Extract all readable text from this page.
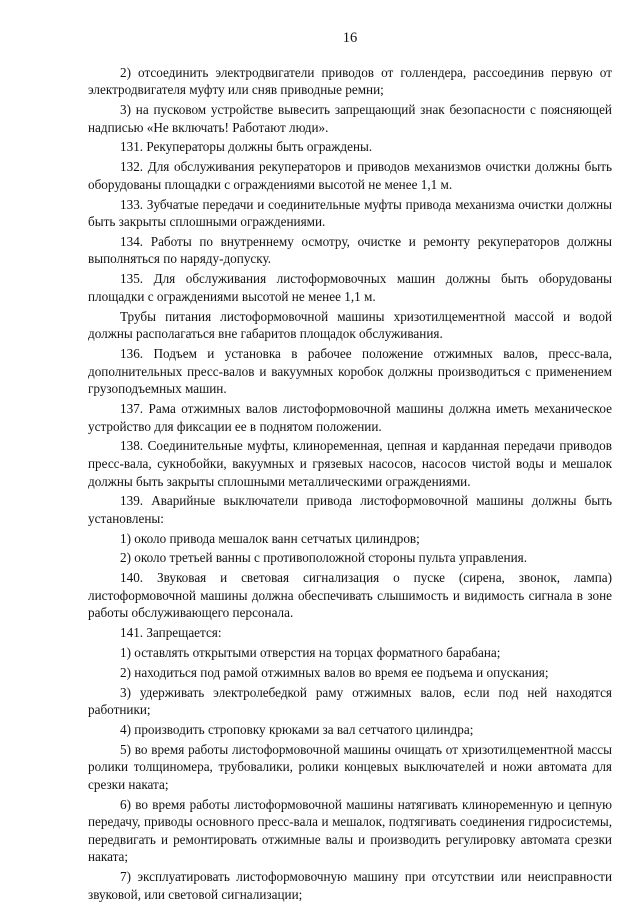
16

2) отсоединить электродвигатели приводов от голлендера, рассоединив первую от электродвигателя муфту или сняв приводные ремни;

3) на пусковом устройстве вывесить запрещающий знак безопасности с поясняющей надписью «Не включать! Работают люди».

131. Рекуператоры должны быть ограждены.

132. Для обслуживания рекуператоров и приводов механизмов очистки должны быть оборудованы площадки с ограждениями высотой не менее 1,1 м.

133. Зубчатые передачи и соединительные муфты привода механизма очистки должны быть закрыты сплошными ограждениями.

134. Работы по внутреннему осмотру, очистке и ремонту рекуператоров должны выполняться по наряду-допуску.

135. Для обслуживания листоформовочных машин должны быть оборудованы площадки с ограждениями высотой не менее 1,1 м.

Трубы питания листоформовочной машины хризотилцементной массой и водой должны располагаться вне габаритов площадок обслуживания.

136. Подъем и установка в рабочее положение отжимных валов, пресс-вала, дополнительных пресс-валов и вакуумных коробок должны производиться с применением грузоподъемных машин.

137. Рама отжимных валов листоформовочной машины должна иметь механическое устройство для фиксации ее в поднятом положении.

138. Соединительные муфты, клиноременная, цепная и карданная передачи приводов пресс-вала, сукнобойки, вакуумных и грязевых насосов, насосов чистой воды и мешалок должны быть закрыты сплошными металлическими ограждениями.

139. Аварийные выключатели привода листоформовочной машины должны быть установлены:

1) около привода мешалок ванн сетчатых цилиндров;

2) около третьей ванны с противоположной стороны пульта управления.

140. Звуковая и световая сигнализация о пуске (сирена, звонок, лампа) листоформовочной машины должна обеспечивать слышимость и видимость сигнала в зоне работы обслуживающего персонала.

141. Запрещается:

1) оставлять открытыми отверстия на торцах форматного барабана;

2) находиться под рамой отжимных валов во время ее подъема и опускания;

3) удерживать электролебедкой раму отжимных валов, если под ней находятся работники;

4) производить строповку крюками за вал сетчатого цилиндра;

5) во время работы листоформовочной машины очищать от хризотилцементной массы ролики толщиномера, трубовалики, ролики концевых выключателей и ножи автомата для срезки наката;

6) во время работы листоформовочной машины натягивать клиноременную и цепную передачу, приводы основного пресс-вала и мешалок, подтягивать соединения гидросистемы, передвигать и ремонтировать отжимные валы и производить регулировку автомата срезки наката;

7) эксплуатировать листоформовочную машину при отсутствии или неисправности звуковой, или световой сигнализации;
